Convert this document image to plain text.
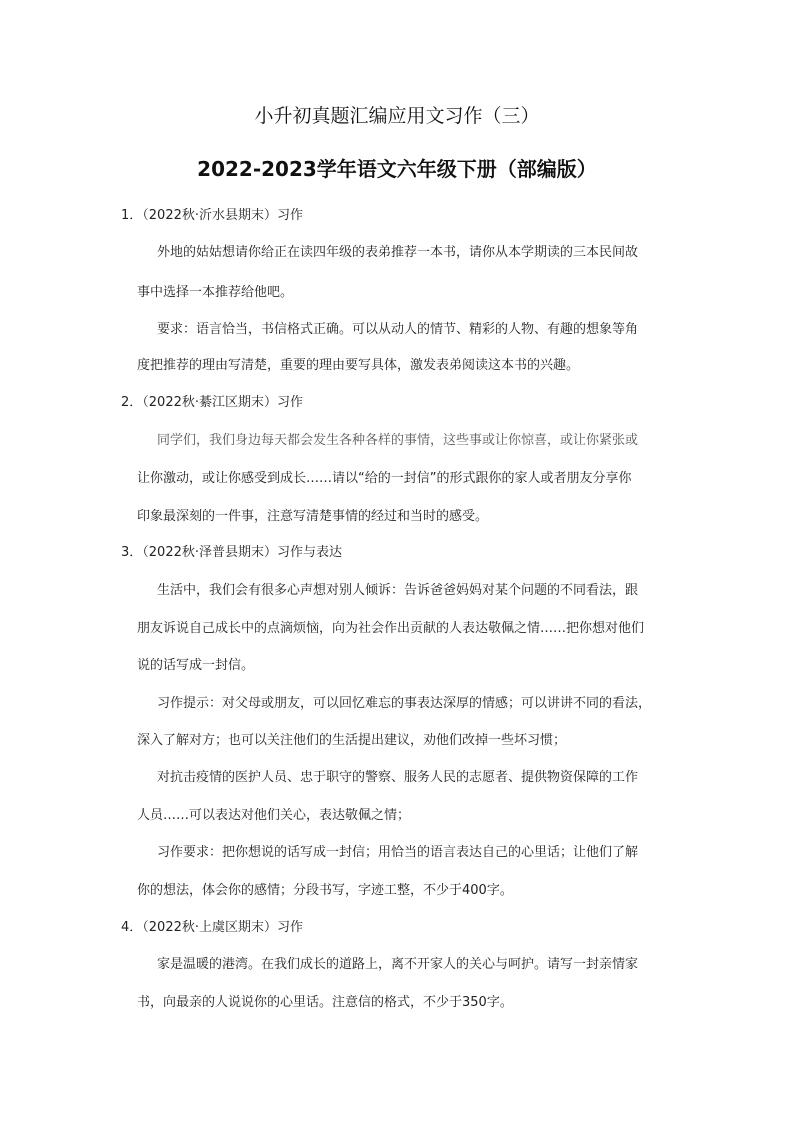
小升初真题汇编应用文习作（三）
2022-2023学年语文六年级下册（部编版）
1．（2022秋·沂水县期末）习作
外地的姑姑想请你给正在读四年级的表弟推荐一本书，请你从本学期读的三本民间故
事中选择一本推荐给他吧。
要求：语言恰当，书信格式正确。可以从动人的情节、精彩的人物、有趣的想象等角
度把推荐的理由写清楚，重要的理由要写具体，激发表弟阅读这本书的兴趣。
2．（2022秋·綦江区期末）习作
同学们，我们身边每天都会发生各种各样的事情，这些事或让你惊喜，或让你紧张或
让你激动，或让你感受到成长……请以“给的一封信”的形式跟你的家人或者朋友分享你
印象最深刻的一件事，注意写清楚事情的经过和当时的感受。
3．（2022秋·泽普县期末）习作与表达
生活中，我们会有很多心声想对别人倾诉：告诉爸爸妈妈对某个问题的不同看法，跟
朋友诉说自己成长中的点滴烦恼，向为社会作出贡献的人表达敬佩之情……把你想对他们
说的话写成一封信。
习作提示：对父母或朋友，可以回忆难忘的事表达深厚的情感；可以讲讲不同的看法，
深入了解对方；也可以关注他们的生活提出建议，劝他们改掉一些坏习惯；
对抗击疫情的医护人员、忠于职守的警察、服务人民的志愿者、提供物资保障的工作
人员……可以表达对他们关心，表达敬佩之情；
习作要求：把你想说的话写成一封信；用恰当的语言表达自己的心里话；让他们了解
你的想法，体会你的感情；分段书写，字迹工整，不少于400字。
4．（2022秋·上虞区期末）习作
家是温暖的港湾。在我们成长的道路上，离不开家人的关心与呵护。请写一封亲情家
书，向最亲的人说说你的心里话。注意信的格式，不少于350字。
